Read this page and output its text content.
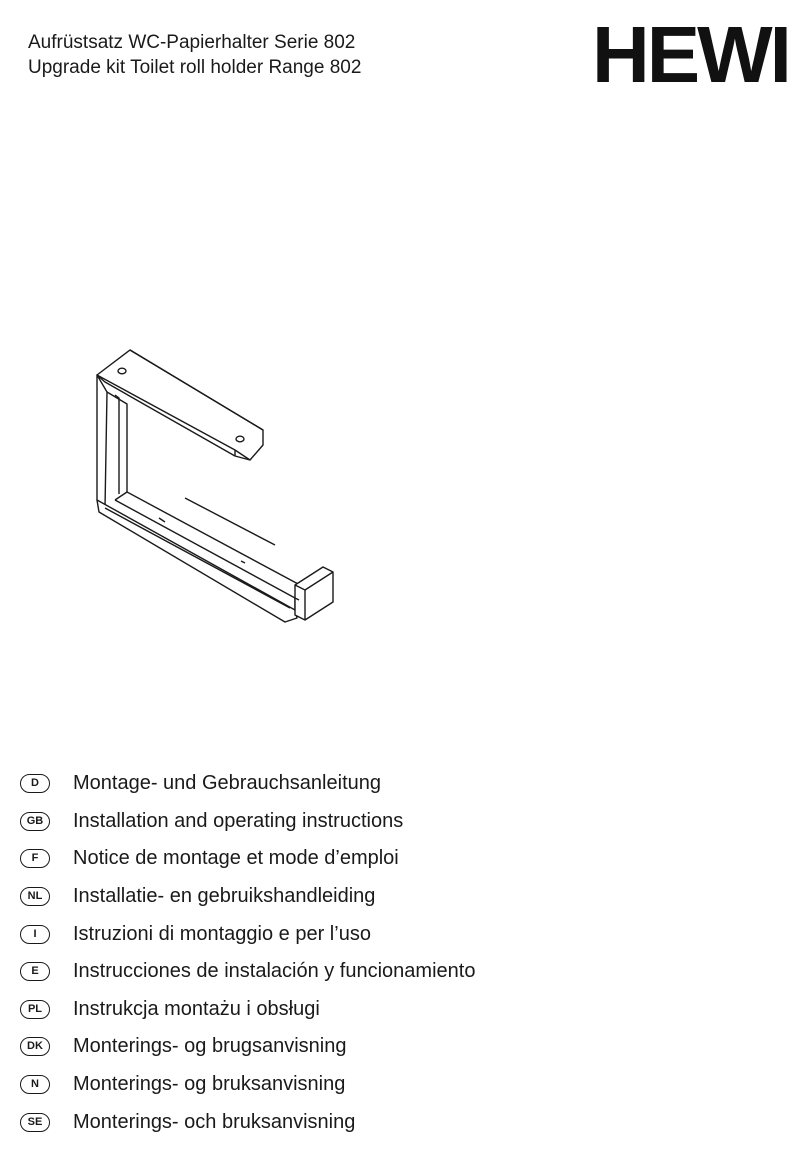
Aufrüstsatz WC-Papierhalter Serie 802
Upgrade kit Toilet roll holder Range 802	HEWI
D	Montage- und Gebrauchsanleitung
GB	Installation and operating instructions
F	Notice de montage et mode d’emploi
NL	Installatie- en gebruikshandleiding
I	Istruzioni di montaggio e per l’uso
E	Instrucciones de instalación y funcionamiento
PL	Instrukcja montażu i obsługi
DK	Monterings- og brugsanvisning
N	Monterings- og bruksanvisning
SE	Monterings- och bruksanvisning
